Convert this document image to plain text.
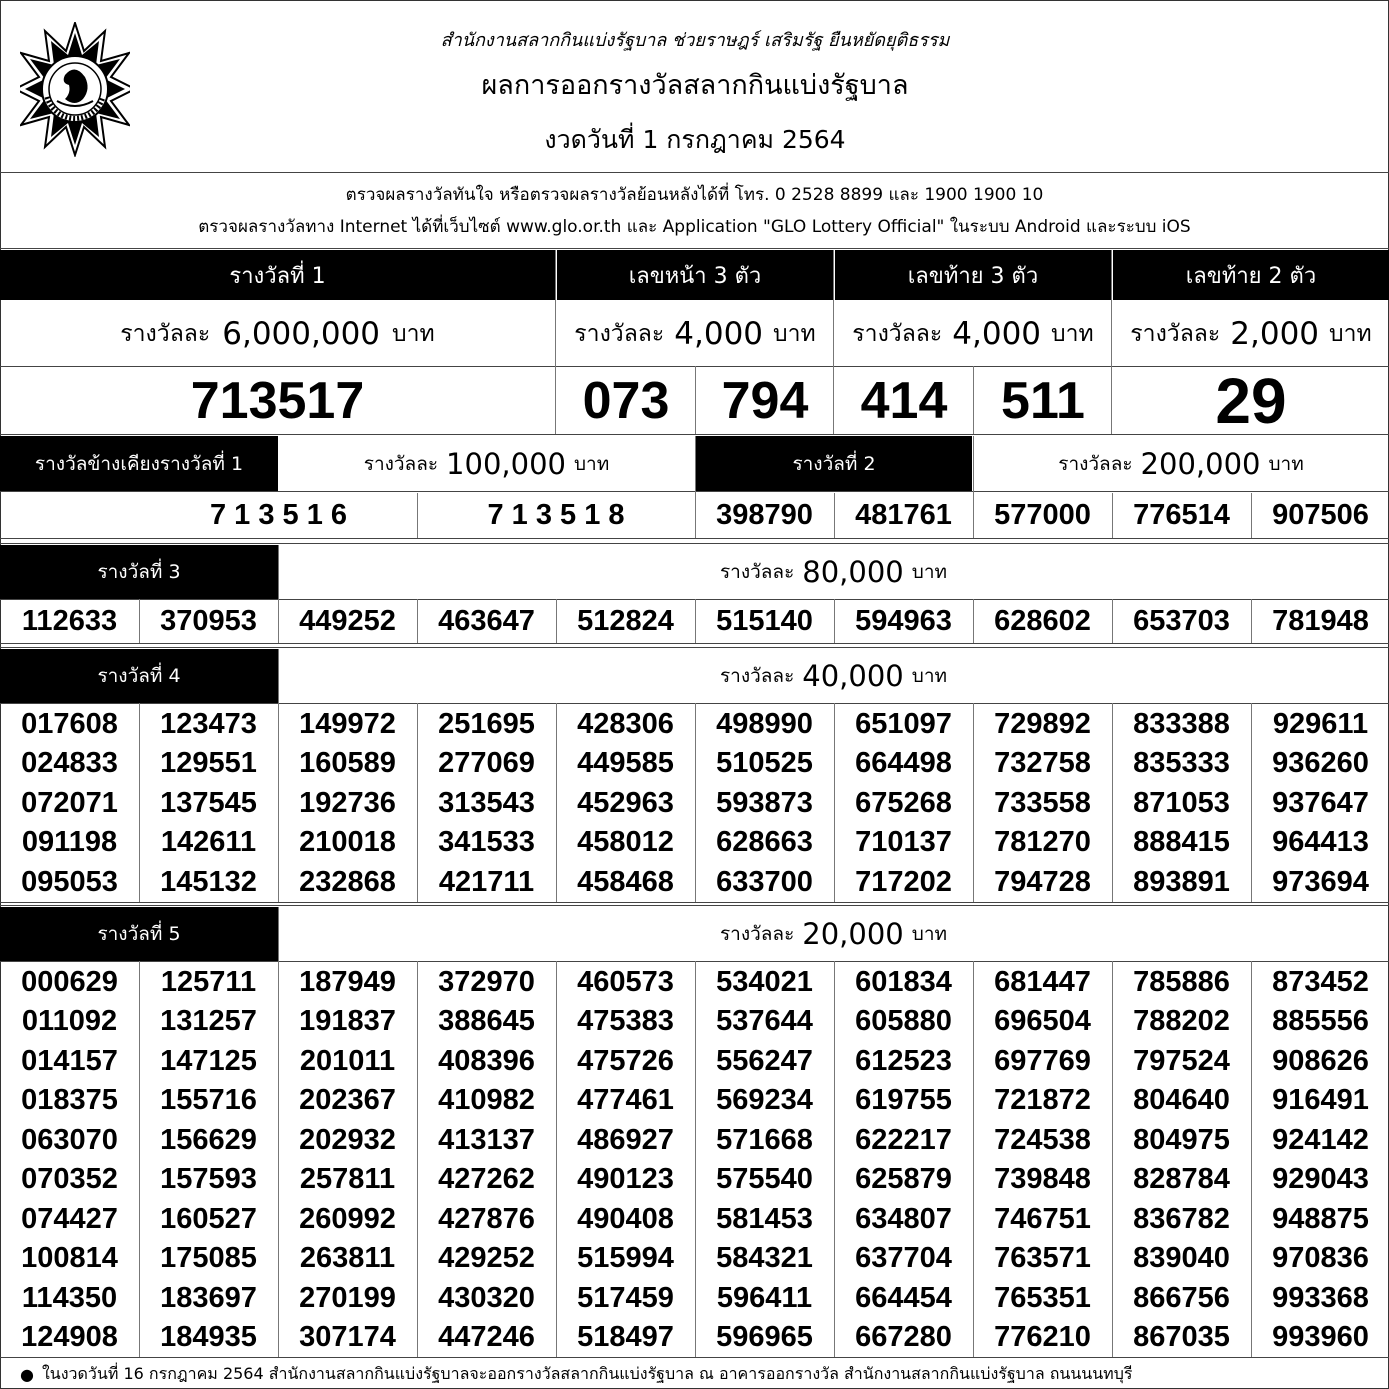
สำนักงานสลากกินแบ่งรัฐบาล ช่วยราษฎร์ เสริมรัฐ ยืนหยัดยุติธรรม
ผลการออกรางวัลสลากกินแบ่งรัฐบาล
งวดวันที่ 1 กรกฎาคม 2564
ตรวจผลรางวัลทันใจ หรือตรวจผลรางวัลย้อนหลังได้ที่ โทร. 0 2528 8899 และ 1900 1900 10
ตรวจผลรางวัลทาง Internet ได้ที่เว็บไซต์ www.glo.or.th และ Application "GLO Lottery Official" ในระบบ Android และระบบ iOS
รางวัลที่ 1	เลขหน้า 3 ตัว	เลขท้าย 3 ตัว	เลขท้าย 2 ตัว
รางวัลละ 6,000,000 บาท	รางวัลละ 4,000 บาท รางวัลละ 4,000 บาท รางวัลละ 2,000 บาท
713517	073	794	414	511	29
รางวัลข้างเคียงรางวัลที่ 1	รางวัลละ 100,000 บาท	รางวัลที่ 2	รางวัลละ 200,000 บาท
7 1 3 5 1 6	7 1 3 5 1 8	398790	481761	577000	776514	907506
รางวัลที่ 3	รางวัลละ 80,000 บาท
112633	370953	449252	463647	512824	515140	594963	628602	653703	781948
รางวัลที่ 4	รางวัลละ 40,000 บาท
017608	123473	149972	251695	428306	498990	651097	729892	833388	929611
024833	129551	160589	277069	449585	510525	664498	732758	835333	936260
072071	137545	192736	313543	452963	593873	675268	733558	871053	937647
091198	142611	210018	341533	458012	628663	710137	781270	888415	964413
095053	145132	232868	421711	458468	633700	717202	794728	893891	973694
รางวัลที่ 5	รางวัลละ 20,000 บาท
000629	125711	187949	372970	460573	534021	601834	681447	785886	873452
011092	131257	191837	388645	475383	537644	605880	696504	788202	885556
014157	147125	201011	408396	475726	556247	612523	697769	797524	908626
018375	155716	202367	410982	477461	569234	619755	721872	804640	916491
063070	156629	202932	413137	486927	571668	622217	724538	804975	924142
070352	157593	257811	427262	490123	575540	625879	739848	828784	929043
074427	160527	260992	427876	490408	581453	634807	746751	836782	948875
100814	175085	263811	429252	515994	584321	637704	763571	839040	970836
114350	183697	270199	430320	517459	596411	664454	765351	866756	993368
124908	184935	307174	447246	518497	596965	667280	776210	867035	993960
● ในงวดวันที่ 16 กรกฎาคม 2564 สำนักงานสลากกินแบ่งรัฐบาลจะออกรางวัลสลากกินแบ่งรัฐบาล ณ อาคารออกรางวัล สำนักงานสลากกินแบ่งรัฐบาล ถนนนนทบุรี
